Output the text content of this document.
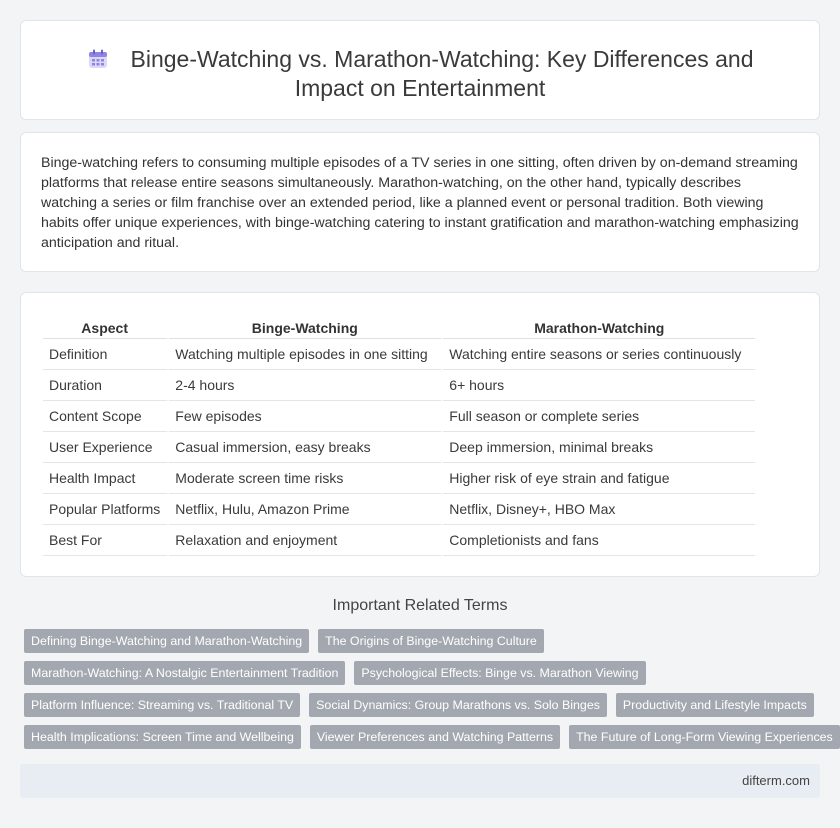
Binge-Watching vs. Marathon-Watching: Key Differences and Impact on Entertainment

Binge-watching refers to consuming multiple episodes of a TV series in one sitting, often driven by on-demand streaming platforms that release entire seasons simultaneously. Marathon-watching, on the other hand, typically describes watching a series or film franchise over an extended period, like a planned event or personal tradition. Both viewing habits offer unique experiences, with binge-watching catering to instant gratification and marathon-watching emphasizing anticipation and ritual.

Aspect	Binge-Watching	Marathon-Watching
Definition	Watching multiple episodes in one sitting	Watching entire seasons or series continuously
Duration	2-4 hours	6+ hours
Content Scope	Few episodes	Full season or complete series
User Experience	Casual immersion, easy breaks	Deep immersion, minimal breaks
Health Impact	Moderate screen time risks	Higher risk of eye strain and fatigue
Popular Platforms	Netflix, Hulu, Amazon Prime	Netflix, Disney+, HBO Max
Best For	Relaxation and enjoyment	Completionists and fans
Important Related Terms
Defining Binge-Watching and Marathon-Watching	The Origins of Binge-Watching Culture
Marathon-Watching: A Nostalgic Entertainment Tradition	Psychological Effects: Binge vs. Marathon Viewing
Platform Influence: Streaming vs. Traditional TV	Social Dynamics: Group Marathons vs. Solo Binges	Productivity and Lifestyle Impacts
Health Implications: Screen Time and Wellbeing	Viewer Preferences and Watching Patterns	The Future of Long-Form Viewing Experiences
difterm.com
